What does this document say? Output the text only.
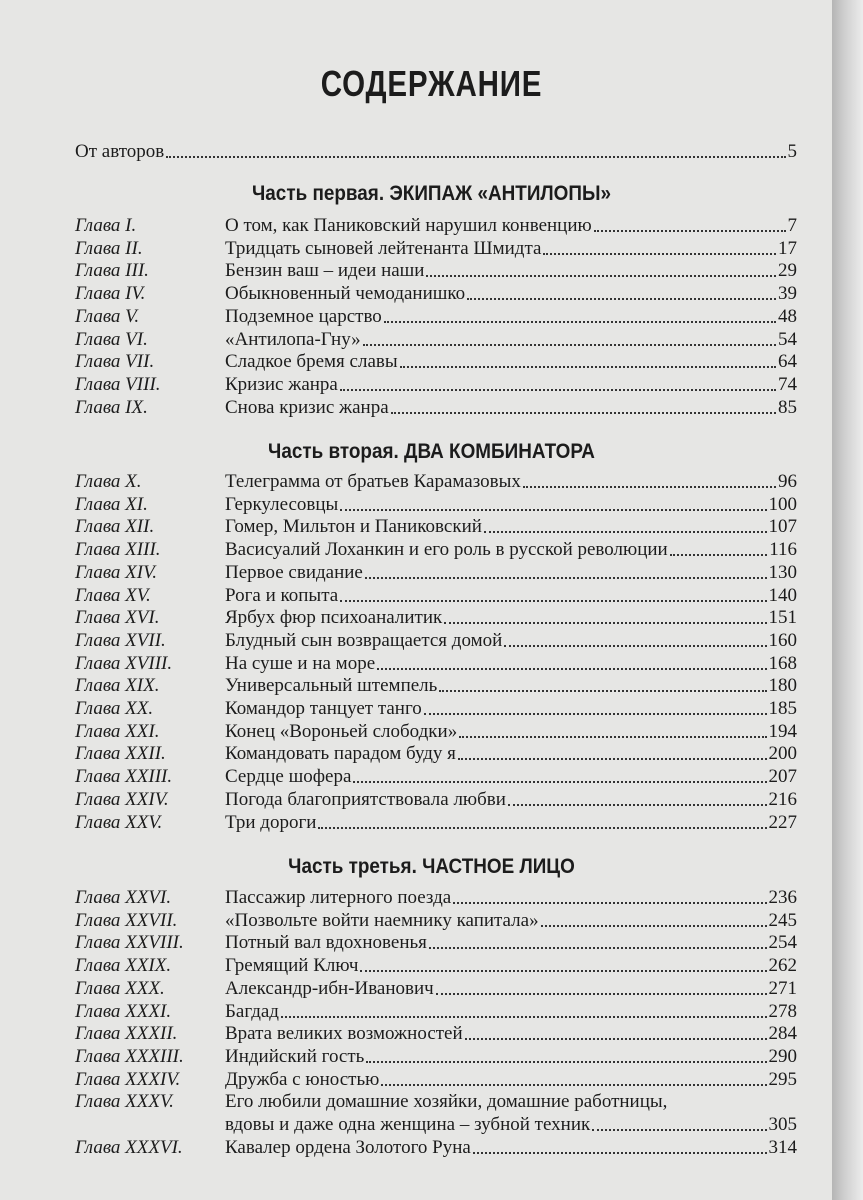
СОДЕРЖАНИЕ
От авторов	5
Часть первая. ЭКИПАЖ «АНТИЛОПЫ»
Глава I.	О том, как Паниковский нарушил конвенцию	7
Глава II.	Тридцать сыновей лейтенанта Шмидта	17
Глава III.	Бензин ваш – идеи наши	29
Глава IV.	Обыкновенный чемоданишко	39
Глава V.	Подземное царство	48
Глава VI.	«Антилопа-Гну»	54
Глава VII.	Сладкое бремя славы	64
Глава VIII.	Кризис жанра	74
Глава IX.	Снова кризис жанра	85
Часть вторая. ДВА КОМБИНАТОРА
Глава X.	Телеграмма от братьев Карамазовых	96
Глава XI.	Геркулесовцы	100
Глава XII.	Гомер, Мильтон и Паниковский	107
Глава XIII.	Васисуалий Лоханкин и его роль в русской революции	116
Глава XIV.	Первое свидание	130
Глава XV.	Рога и копыта	140
Глава XVI.	Ярбух фюр психоаналитик	151
Глава XVII.	Блудный сын возвращается домой	160
Глава XVIII.	На суше и на море	168
Глава XIX.	Универсальный штемпель	180
Глава XX.	Командор танцует танго	185
Глава XXI.	Конец «Вороньей слободки»	194
Глава XXII.	Командовать парадом буду я	200
Глава XXIII.	Сердце шофера	207
Глава XXIV.	Погода благоприятствовала любви	216
Глава XXV.	Три дороги	227
Часть третья. ЧАСТНОЕ ЛИЦО
Глава XXVI.	Пассажир литерного поезда	236
Глава XXVII.	«Позвольте войти наемнику капитала»	245
Глава XXVIII.	Потный вал вдохновенья	254
Глава XXIX.	Гремящий Ключ	262
Глава XXX.	Александр-ибн-Иванович	271
Глава XXXI.	Багдад	278
Глава XXXII.	Врата великих возможностей	284
Глава XXXIII.	Индийский гость	290
Глава XXXIV.	Дружба с юностью	295
Глава XXXV.	Его любили домашние хозяйки, домашние работницы,
вдовы и даже одна женщина – зубной техник	305
Глава XXXVI.	Кавалер ордена Золотого Руна	314
